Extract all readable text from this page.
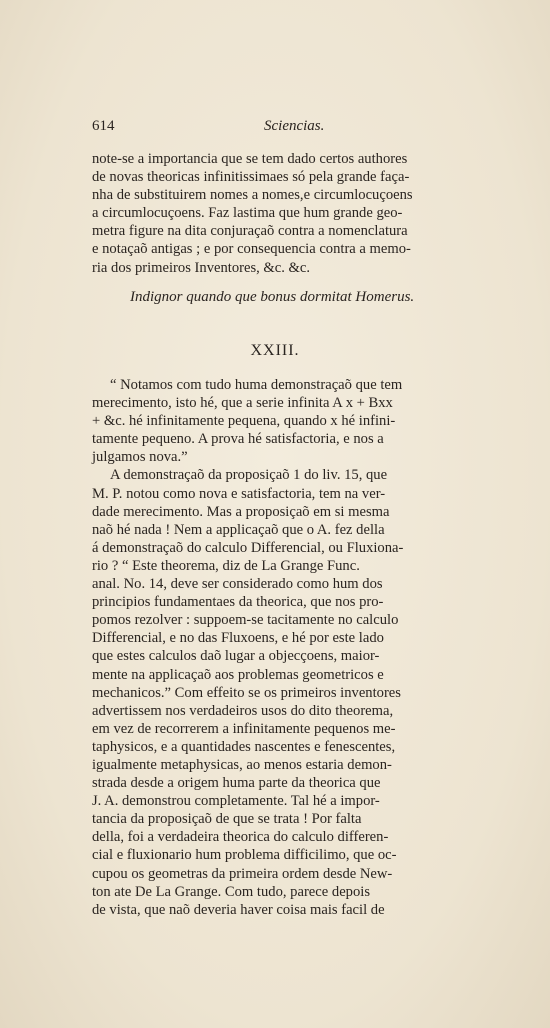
614	Sciencias.
note-se a importancia que se tem dado certos authores
de novas theoricas infinitissimaes só pela grande faça-
nha de substituirem nomes a nomes,e circumlocuçoens
a circumlocuçoens. Faz lastima que hum grande geo-
metra figure na dita conjuraçaõ contra a nomenclatura
e notaçaõ antigas ; e por consequencia contra a memo-
ria dos primeiros Inventores, &c. &c.
Indignor quando que bonus dormitat Homerus.
XXIII.
“ Notamos com tudo huma demonstraçaõ que tem
merecimento, isto hé, que a serie infinita A x + Bxx
+ &c. hé infinitamente pequena, quando x hé infini-
tamente pequeno. A prova hé satisfactoria, e nos a
julgamos nova.”
A demonstraçaõ da proposiçaõ 1 do liv. 15, que
M. P. notou como nova e satisfactoria, tem na ver-
dade merecimento. Mas a proposiçaõ em si mesma
naõ hé nada ! Nem a applicaçaõ que o A. fez della
á demonstraçaõ do calculo Differencial, ou Fluxiona-
rio ? “ Este theorema, diz de La Grange Func.
anal. No. 14, deve ser considerado como hum dos
principios fundamentaes da theorica, que nos pro-
pomos rezolver : suppoem-se tacitamente no calculo
Differencial, e no das Fluxoens, e hé por este lado
que estes calculos daõ lugar a objecçoens, maior-
mente na applicaçaõ aos problemas geometricos e
mechanicos.” Com effeito se os primeiros inventores
advertissem nos verdadeiros usos do dito theorema,
em vez de recorrerem a infinitamente pequenos me-
taphysicos, e a quantidades nascentes e fenescentes,
igualmente metaphysicas, ao menos estaria demon-
strada desde a origem huma parte da theorica que
J. A. demonstrou completamente. Tal hé a impor-
tancia da proposiçaõ de que se trata ! Por falta
della, foi a verdadeira theorica do calculo differen-
cial e fluxionario hum problema difficilimo, que oc-
cupou os geometras da primeira ordem desde New-
ton ate De La Grange. Com tudo, parece depois
de vista, que naõ deveria haver coisa mais facil de
